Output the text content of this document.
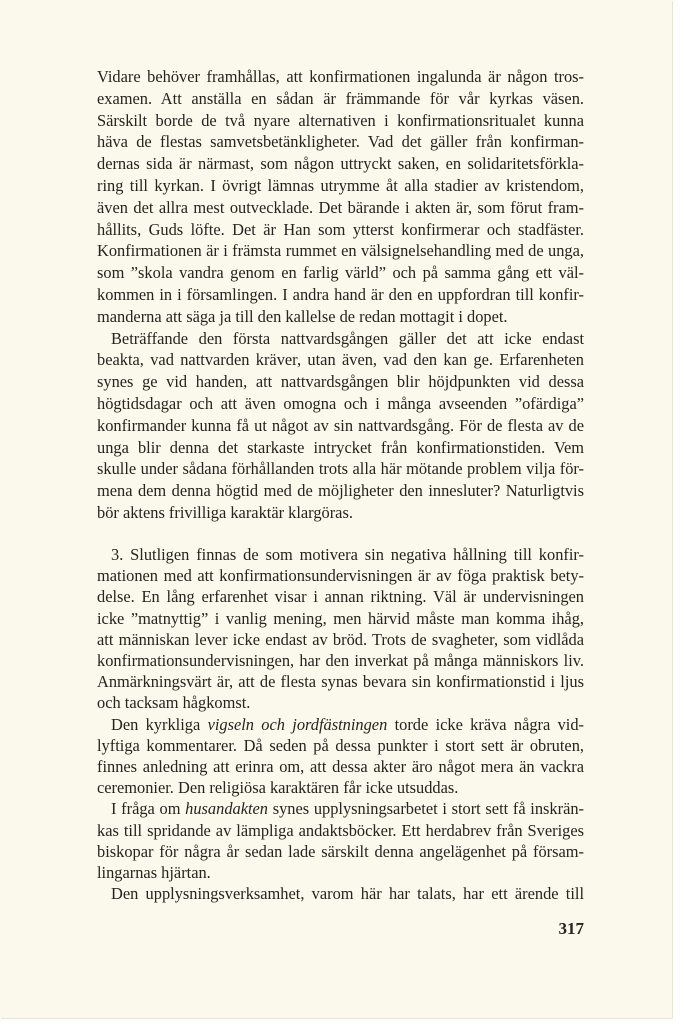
Vidare behöver framhållas, att konfirmationen ingalunda är någon tros-
examen. Att anställa en sådan är främmande för vår kyrkas väsen.
Särskilt borde de två nyare alternativen i konfirmationsritualet kunna
häva de flestas samvetsbetänkligheter. Vad det gäller från konfirman-
dernas sida är närmast, som någon uttryckt saken, en solidaritetsförkla-
ring till kyrkan. I övrigt lämnas utrymme åt alla stadier av kristendom,
även det allra mest outvecklade. Det bärande i akten är, som förut fram-
hållits, Guds löfte. Det är Han som ytterst konfirmerar och stadfäster.
Konfirmationen är i främsta rummet en välsignelsehandling med de unga,
som ”skola vandra genom en farlig värld” och på samma gång ett väl-
kommen in i församlingen. I andra hand är den en uppfordran till konfir-
manderna att säga ja till den kallelse de redan mottagit i dopet.
Beträffande den första nattvardsgången gäller det att icke endast
beakta, vad nattvarden kräver, utan även, vad den kan ge. Erfarenheten
synes ge vid handen, att nattvardsgången blir höjdpunkten vid dessa
högtidsdagar och att även omogna och i många avseenden ”ofärdiga”
konfirmander kunna få ut något av sin nattvardsgång. För de flesta av de
unga blir denna det starkaste intrycket från konfirmationstiden. Vem
skulle under sådana förhållanden trots alla här mötande problem vilja för-
mena dem denna högtid med de möjligheter den innesluter? Naturligtvis
bör aktens frivilliga karaktär klargöras.
3. Slutligen finnas de som motivera sin negativa hållning till konfir-
mationen med att konfirmationsundervisningen är av föga praktisk bety-
delse. En lång erfarenhet visar i annan riktning. Väl är undervisningen
icke ”matnyttig” i vanlig mening, men härvid måste man komma ihåg,
att människan lever icke endast av bröd. Trots de svagheter, som vidlåda
konfirmationsundervisningen, har den inverkat på många människors liv.
Anmärkningsvärt är, att de flesta synas bevara sin konfirmationstid i ljus
och tacksam hågkomst.
Den kyrkliga vigseln och jordfästningen torde icke kräva några vid-
lyftiga kommentarer. Då seden på dessa punkter i stort sett är obruten,
finnes anledning att erinra om, att dessa akter äro något mera än vackra
ceremonier. Den religiösa karaktären får icke utsuddas.
I fråga om husandakten synes upplysningsarbetet i stort sett få inskrän-
kas till spridande av lämpliga andaktsböcker. Ett herdabrev från Sveriges
biskopar för några år sedan lade särskilt denna angelägenhet på försam-
lingarnas hjärtan.
Den upplysningsverksamhet, varom här har talats, har ett ärende till
317
